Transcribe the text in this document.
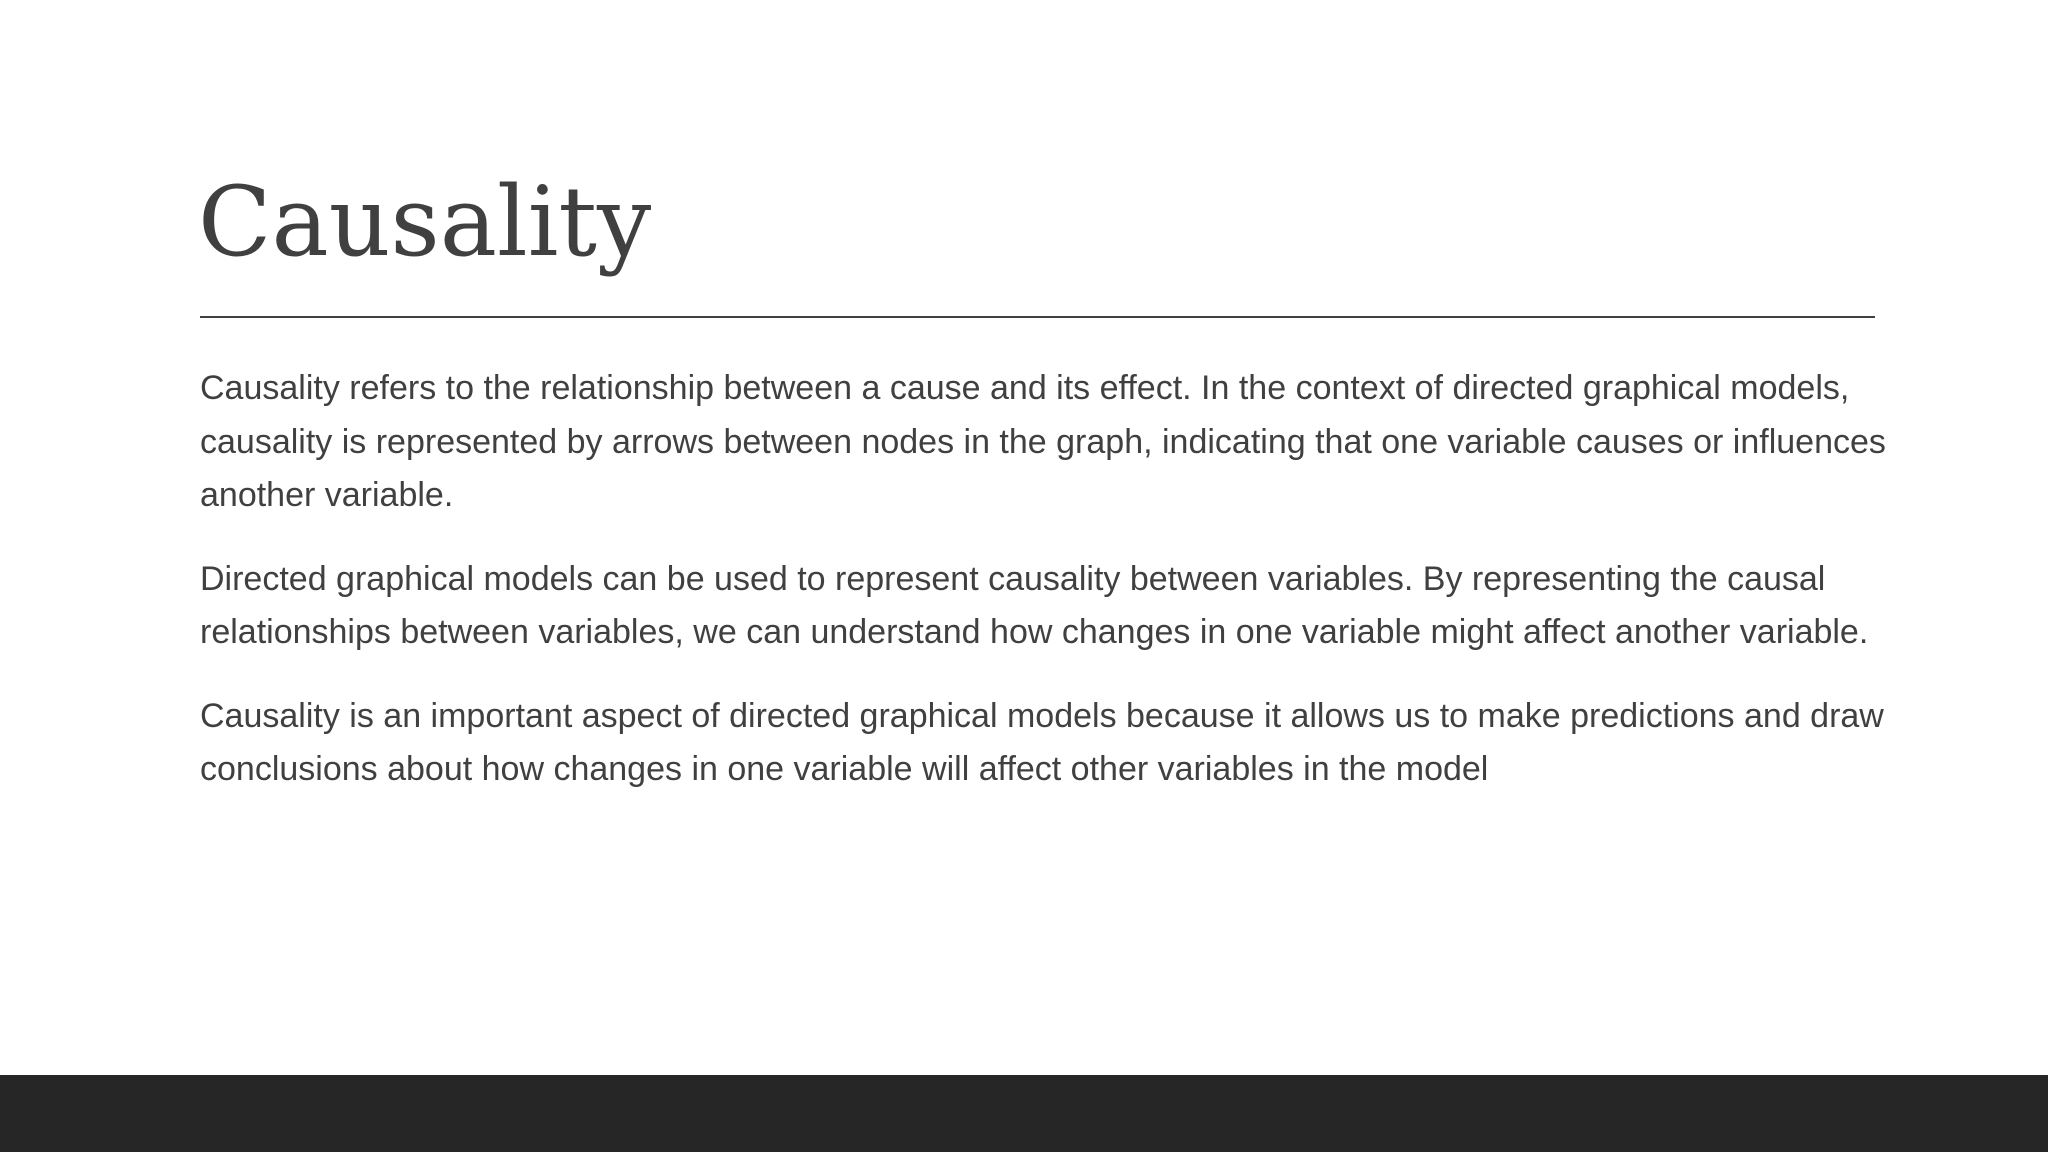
Causality

Causality refers to the relationship between a cause and its effect. In the context of directed graphical models, causality is represented by arrows between nodes in the graph, indicating that one variable causes or influences another variable.

Directed graphical models can be used to represent causality between variables. By representing the causal relationships between variables, we can understand how changes in one variable might affect another variable.

Causality is an important aspect of directed graphical models because it allows us to make predictions and draw conclusions about how changes in one variable will affect other variables in the model
